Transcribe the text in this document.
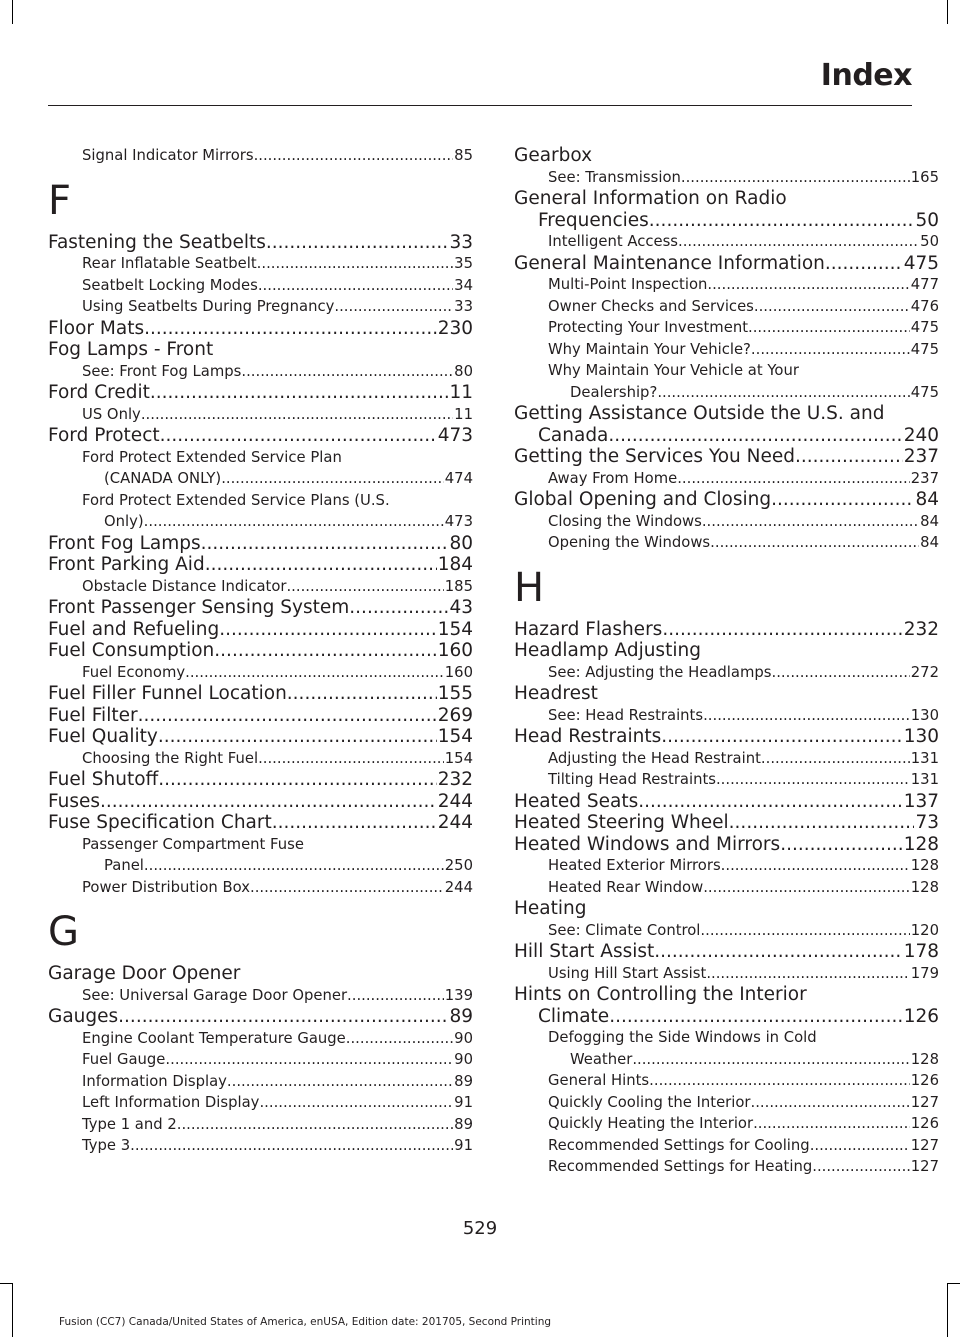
Index
Signal Indicator Mirrors .....	85
F
Fastening the Seatbelts .....	33
Rear Inflatable Seatbelt .....	35
Seatbelt Locking Modes .....	34
Using Seatbelts During Pregnancy .....	33
Floor Mats .....	230
Fog Lamps - Front
See: Front Fog Lamps .....	80
Ford Credit .....	11
US Only .....	11
Ford Protect .....	473
Ford Protect Extended Service Plan
(CANADA ONLY) .....	474
Ford Protect Extended Service Plans (U.S.
Only) .....	473
Front Fog Lamps .....	80
Front Parking Aid .....	184
Obstacle Distance Indicator .....	185
Front Passenger Sensing System .....	43
Fuel and Refueling .....	154
Fuel Consumption .....	160
Fuel Economy .....	160
Fuel Filler Funnel Location .....	155
Fuel Filter .....	269
Fuel Quality .....	154
Choosing the Right Fuel .....	154
Fuel Shutoff .....	232
Fuses .....	244
Fuse Specification Chart .....	244
Passenger Compartment Fuse
Panel .....	250
Power Distribution Box .....	244
G
Garage Door Opener
See: Universal Garage Door Opener .....	139
Gauges .....	89
Engine Coolant Temperature Gauge .....	90
Fuel Gauge .....	90
Information Display .....	89
Left Information Display .....	91
Type 1 and 2 .....	89
Type 3 .....	91
Gearbox
See: Transmission .....	165
General Information on Radio
Frequencies .....	50
Intelligent Access .....	50
General Maintenance Information .....	475
Multi-Point Inspection .....	477
Owner Checks and Services .....	476
Protecting Your Investment .....	475
Why Maintain Your Vehicle? .....	475
Why Maintain Your Vehicle at Your
Dealership? .....	475
Getting Assistance Outside the U.S. and
Canada .....	240
Getting the Services You Need .....	237
Away From Home .....	237
Global Opening and Closing .....	84
Closing the Windows .....	84
Opening the Windows .....	84
H
Hazard Flashers .....	232
Headlamp Adjusting
See: Adjusting the Headlamps .....	272
Headrest
See: Head Restraints .....	130
Head Restraints .....	130
Adjusting the Head Restraint .....	131
Tilting Head Restraints .....	131
Heated Seats .....	137
Heated Steering Wheel .....	73
Heated Windows and Mirrors .....	128
Heated Exterior Mirrors .....	128
Heated Rear Window .....	128
Heating
See: Climate Control .....	120
Hill Start Assist .....	178
Using Hill Start Assist .....	179
Hints on Controlling the Interior
Climate .....	126
Defogging the Side Windows in Cold
Weather .....	128
General Hints .....	126
Quickly Cooling the Interior .....	127
Quickly Heating the Interior .....	126
Recommended Settings for Cooling .....	127
Recommended Settings for Heating .....	127
529
Fusion (CC7) Canada/United States of America, enUSA, Edition date: 201705, Second Printing
